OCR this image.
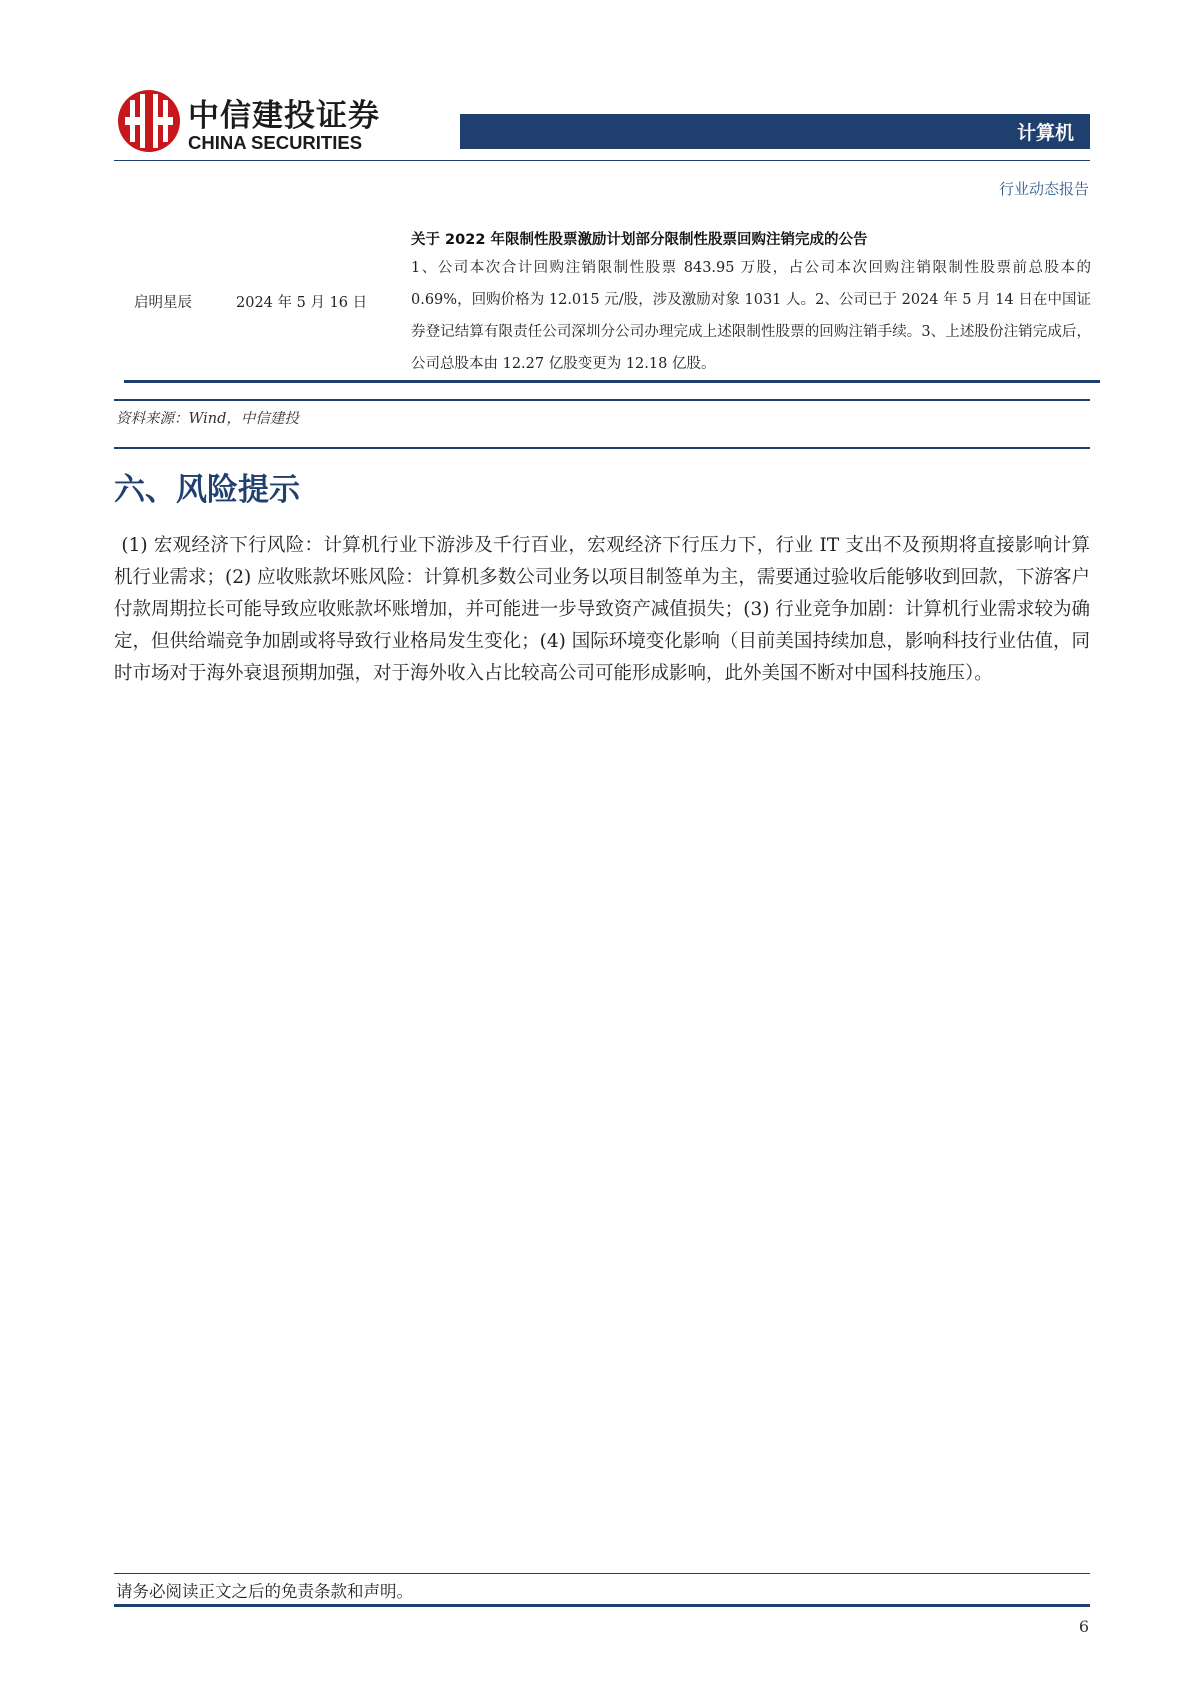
中信建投证券
CHINA SECURITIES	计算机
行业动态报告
关于 2022 年限制性股票激励计划部分限制性股票回购注销完成的公告
1、公司本次合计回购注销限制性股票 843.95 万股，占公司本次回购注销限制性股票前总股本的 0.69%，回购价格为 12.015 元/股，涉及激励对象 1031 人。2、公司已于 2024 年 5 月 14 日在中国证券登记结算有限责任公司深圳分公司办理完成上述限制性股票的回购注销手续。3、上述股份注销完成后，公司总股本由 12.27 亿股变更为 12.18 亿股。
启明星辰	2024 年 5 月 16 日
资料来源：Wind，中信建投
六、风险提示
(1) 宏观经济下行风险：计算机行业下游涉及千行百业，宏观经济下行压力下，行业 IT 支出不及预期将直接影响计算机行业需求；(2) 应收账款坏账风险：计算机多数公司业务以项目制签单为主，需要通过验收后能够收到回款，下游客户付款周期拉长可能导致应收账款坏账增加，并可能进一步导致资产减值损失；(3) 行业竞争加剧：计算机行业需求较为确定，但供给端竞争加剧或将导致行业格局发生变化；(4) 国际环境变化影响（目前美国持续加息，影响科技行业估值，同时市场对于海外衰退预期加强，对于海外收入占比较高公司可能形成影响，此外美国不断对中国科技施压）。
请务必阅读正文之后的免责条款和声明。
6
